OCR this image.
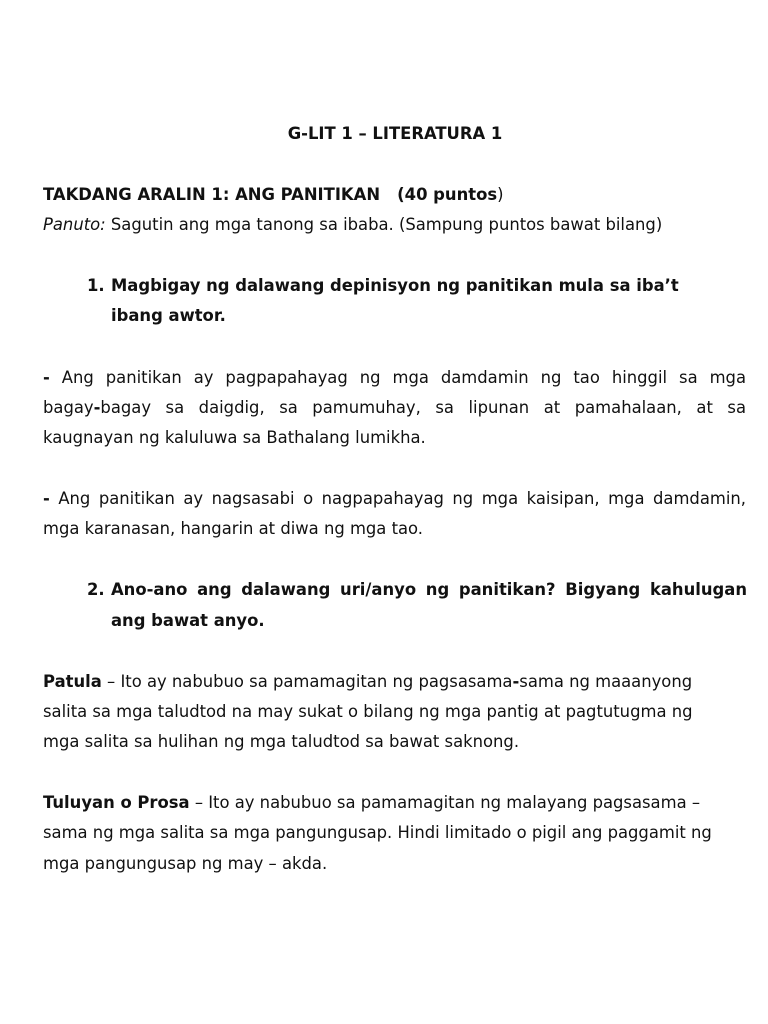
G-LIT 1 – LITERATURA 1
TAKDANG ARALIN 1: ANG PANITIKAN (40 puntos)
Panuto: Sagutin ang mga tanong sa ibaba. (Sampung puntos bawat bilang)
1. Magbigay ng dalawang depinisyon ng panitikan mula sa iba’t
ibang awtor.
- Ang panitikan ay pagpapahayag ng mga damdamin ng tao hinggil sa mga
bagay-bagay sa daigdig, sa pamumuhay, sa lipunan at pamahalaan, at sa
kaugnayan ng kaluluwa sa Bathalang lumikha.
- Ang panitikan ay nagsasabi o nagpapahayag ng mga kaisipan, mga damdamin,
mga karanasan, hangarin at diwa ng mga tao.
2. Ano-ano ang dalawang uri/anyo ng panitikan? Bigyang kahulugan
ang bawat anyo.
Patula – Ito ay nabubuo sa pamamagitan ng pagsasama-sama ng maaanyong
salita sa mga taludtod na may sukat o bilang ng mga pantig at pagtutugma ng
mga salita sa hulihan ng mga taludtod sa bawat saknong.
Tuluyan o Prosa – Ito ay nabubuo sa pamamagitan ng malayang pagsasama –
sama ng mga salita sa mga pangungusap. Hindi limitado o pigil ang paggamit ng
mga pangungusap ng may – akda.
